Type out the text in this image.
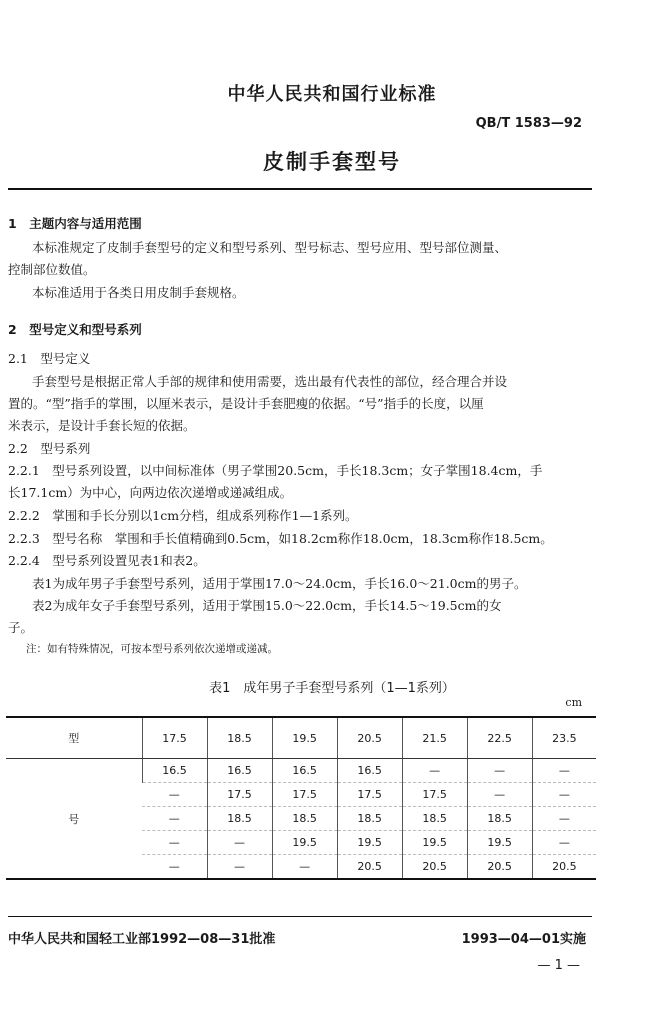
中华人民共和国行业标准
QB/T 1583—92
皮制手套型号
1　主题内容与适用范围
本标准规定了皮制手套型号的定义和型号系列、型号标志、型号应用、型号部位测量、
控制部位数值。
本标准适用于各类日用皮制手套规格。
2　型号定义和型号系列
2.1　型号定义
手套型号是根据正常人手部的规律和使用需要，选出最有代表性的部位，经合理合并设
置的。“型”指手的掌围，以厘米表示，是设计手套肥瘦的依据。“号”指手的长度，以厘
米表示，是设计手套长短的依据。
2.2　型号系列
2.2.1　型号系列设置，以中间标准体（男子掌围20.5cm，手长18.3cm；女子掌围18.4cm，手
长17.1cm）为中心，向两边依次递增或递减组成。
2.2.2　掌围和手长分别以1cm分档，组成系列称作1—1系列。
2.2.3　型号名称　掌围和手长值精确到0.5cm，如18.2cm称作18.0cm，18.3cm称作18.5cm。
2.2.4　型号系列设置见表1和表2。
表1为成年男子手套型号系列，适用于掌围17.0～24.0cm，手长16.0～21.0cm的男子。
表2为成年女子手套型号系列，适用于掌围15.0～22.0cm，手长14.5～19.5cm的女
子。
注：如有特殊情况，可按本型号系列依次递增或递减。
表1　成年男子手套型号系列（1—1系列）
cm
型	17.5	18.5	19.5	20.5	21.5	22.5	23.5
号	16.5	16.5	16.5	16.5	—	—	—
	—	17.5	17.5	17.5	17.5	—	—
	—	18.5	18.5	18.5	18.5	18.5	—
	—	—	19.5	19.5	19.5	19.5	—
	—	—	—	20.5	20.5	20.5	20.5
中华人民共和国轻工业部1992—08—31批准	1993—04—01实施
— 1 —
